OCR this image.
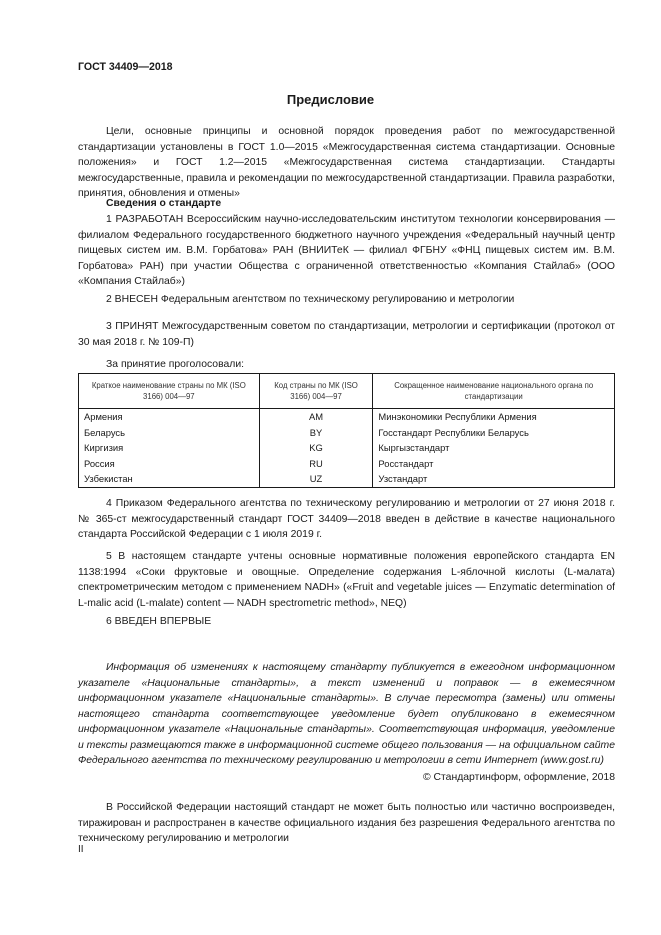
ГОСТ 34409—2018
Предисловие
Цели, основные принципы и основной порядок проведения работ по межгосударственной стандартизации установлены в ГОСТ 1.0—2015 «Межгосударственная система стандартизации. Основные положения» и ГОСТ 1.2—2015 «Межгосударственная система стандартизации. Стандарты межгосударственные, правила и рекомендации по межгосударственной стандартизации. Правила разработки, принятия, обновления и отмены»
Сведения о стандарте
1 РАЗРАБОТАН Всероссийским научно-исследовательским институтом технологии консервирования — филиалом Федерального государственного бюджетного научного учреждения «Федеральный научный центр пищевых систем им. В.М. Горбатова» РАН (ВНИИТеК — филиал ФГБНУ «ФНЦ пищевых систем им. В.М. Горбатова» РАН) при участии Общества с ограниченной ответственностью «Компания Стайлаб» (ООО «Компания Стайлаб»)
2 ВНЕСЕН Федеральным агентством по техническому регулированию и метрологии
3 ПРИНЯТ Межгосударственным советом по стандартизации, метрологии и сертификации (протокол от 30 мая 2018 г. № 109-П)
За принятие проголосовали:
Краткое наименование страны по МК (ISO 3166) 004—97	Код страны по МК (ISO 3166) 004—97	Сокращенное наименование национального органа по стандартизации
Армения	AM	Минэкономики Республики Армения
Беларусь	BY	Госстандарт Республики Беларусь
Киргизия	KG	Кыргызстандарт
Россия	RU	Росстандарт
Узбекистан	UZ	Узстандарт
4 Приказом Федерального агентства по техническому регулированию и метрологии от 27 июня 2018 г. № 365-ст межгосударственный стандарт ГОСТ 34409—2018 введен в действие в качестве национального стандарта Российской Федерации с 1 июля 2019 г.
5 В настоящем стандарте учтены основные нормативные положения европейского стандарта EN 1138:1994 «Соки фруктовые и овощные. Определение содержания L-яблочной кислоты (L-малата) спектрометрическим методом с применением NADH» («Fruit and vegetable juices — Enzymatic determination of L-malic acid (L-malate) content — NADH spectrometric method», NEQ)
6 ВВЕДЕН ВПЕРВЫЕ
Информация об изменениях к настоящему стандарту публикуется в ежегодном информационном указателе «Национальные стандарты», а текст изменений и поправок — в ежемесячном информационном указателе «Национальные стандарты». В случае пересмотра (замены) или отмены настоящего стандарта соответствующее уведомление будет опубликовано в ежемесячном информационном указателе «Национальные стандарты». Соответствующая информация, уведомление и тексты размещаются также в информационной системе общего пользования — на официальном сайте Федерального агентства по техническому регулированию и метрологии в сети Интернет (www.gost.ru)
© Стандартинформ, оформление, 2018
В Российской Федерации настоящий стандарт не может быть полностью или частично воспроизведен, тиражирован и распространен в качестве официального издания без разрешения Федерального агентства по техническому регулированию и метрологии
II
